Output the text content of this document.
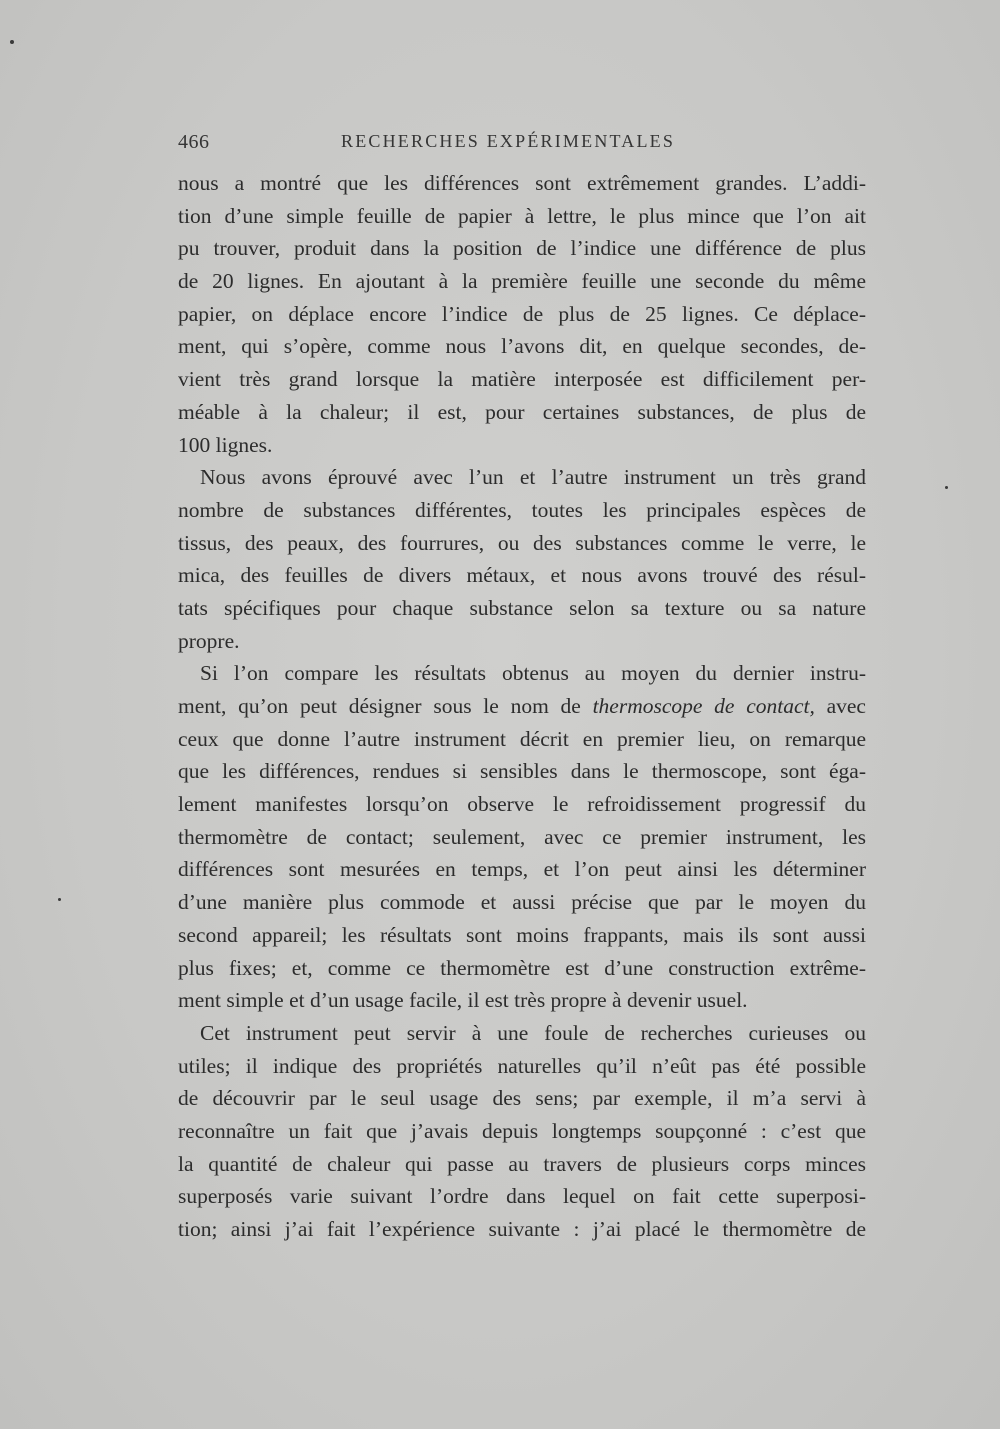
466	RECHERCHES EXPÉRIMENTALES
nous a montré que les différences sont extrêmement grandes. L’addi-
tion d’une simple feuille de papier à lettre, le plus mince que l’on ait
pu trouver, produit dans la position de l’indice une différence de plus
de 20 lignes. En ajoutant à la première feuille une seconde du même
papier, on déplace encore l’indice de plus de 25 lignes. Ce déplace-
ment, qui s’opère, comme nous l’avons dit, en quelque secondes, de-
vient très grand lorsque la matière interposée est difficilement per-
méable à la chaleur; il est, pour certaines substances, de plus de
100 lignes.
Nous avons éprouvé avec l’un et l’autre instrument un très grand
nombre de substances différentes, toutes les principales espèces de
tissus, des peaux, des fourrures, ou des substances comme le verre, le
mica, des feuilles de divers métaux, et nous avons trouvé des résul-
tats spécifiques pour chaque substance selon sa texture ou sa nature
propre.
Si l’on compare les résultats obtenus au moyen du dernier instru-
ment, qu’on peut désigner sous le nom de thermoscope de contact, avec
ceux que donne l’autre instrument décrit en premier lieu, on remarque
que les différences, rendues si sensibles dans le thermoscope, sont éga-
lement manifestes lorsqu’on observe le refroidissement progressif du
thermomètre de contact; seulement, avec ce premier instrument, les
différences sont mesurées en temps, et l’on peut ainsi les déterminer
d’une manière plus commode et aussi précise que par le moyen du
second appareil; les résultats sont moins frappants, mais ils sont aussi
plus fixes; et, comme ce thermomètre est d’une construction extrême-
ment simple et d’un usage facile, il est très propre à devenir usuel.
Cet instrument peut servir à une foule de recherches curieuses ou
utiles; il indique des propriétés naturelles qu’il n’eût pas été possible
de découvrir par le seul usage des sens; par exemple, il m’a servi à
reconnaître un fait que j’avais depuis longtemps soupçonné : c’est que
la quantité de chaleur qui passe au travers de plusieurs corps minces
superposés varie suivant l’ordre dans lequel on fait cette superposi-
tion; ainsi j’ai fait l’expérience suivante : j’ai placé le thermomètre de
